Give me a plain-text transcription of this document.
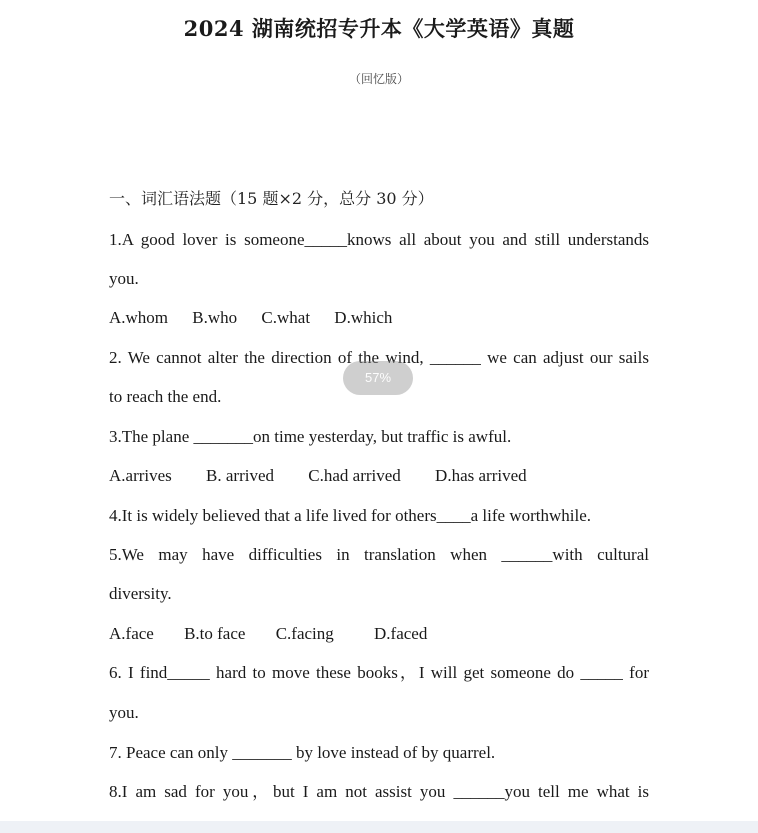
2024 湖南统招专升本《大学英语》真题
（回忆版）
一、词汇语法题（15 题×2 分，总分 30 分）
1.A good lover is someone_____knows all about you and still understands
you.
A.whom B.who C.what D.which
2. We cannot alter the direction of the wind, ______ we can adjust our sails
to reach the end.
3.The plane _______on time yesterday, but traffic is awful.
A.arrives B. arrived C.had arrived D.has arrived
4.It is widely believed that a life lived for others____a life worthwhile.
5.We may have difficulties in translation when ______with cultural
diversity.
A.face B.to face C.facing D.faced
6. I find_____ hard to move these books，I will get someone do _____ for
you.
7. Peace can only _______ by love instead of by quarrel.
8.I am sad for you，but I am not assist you ______you tell me what is
57%
